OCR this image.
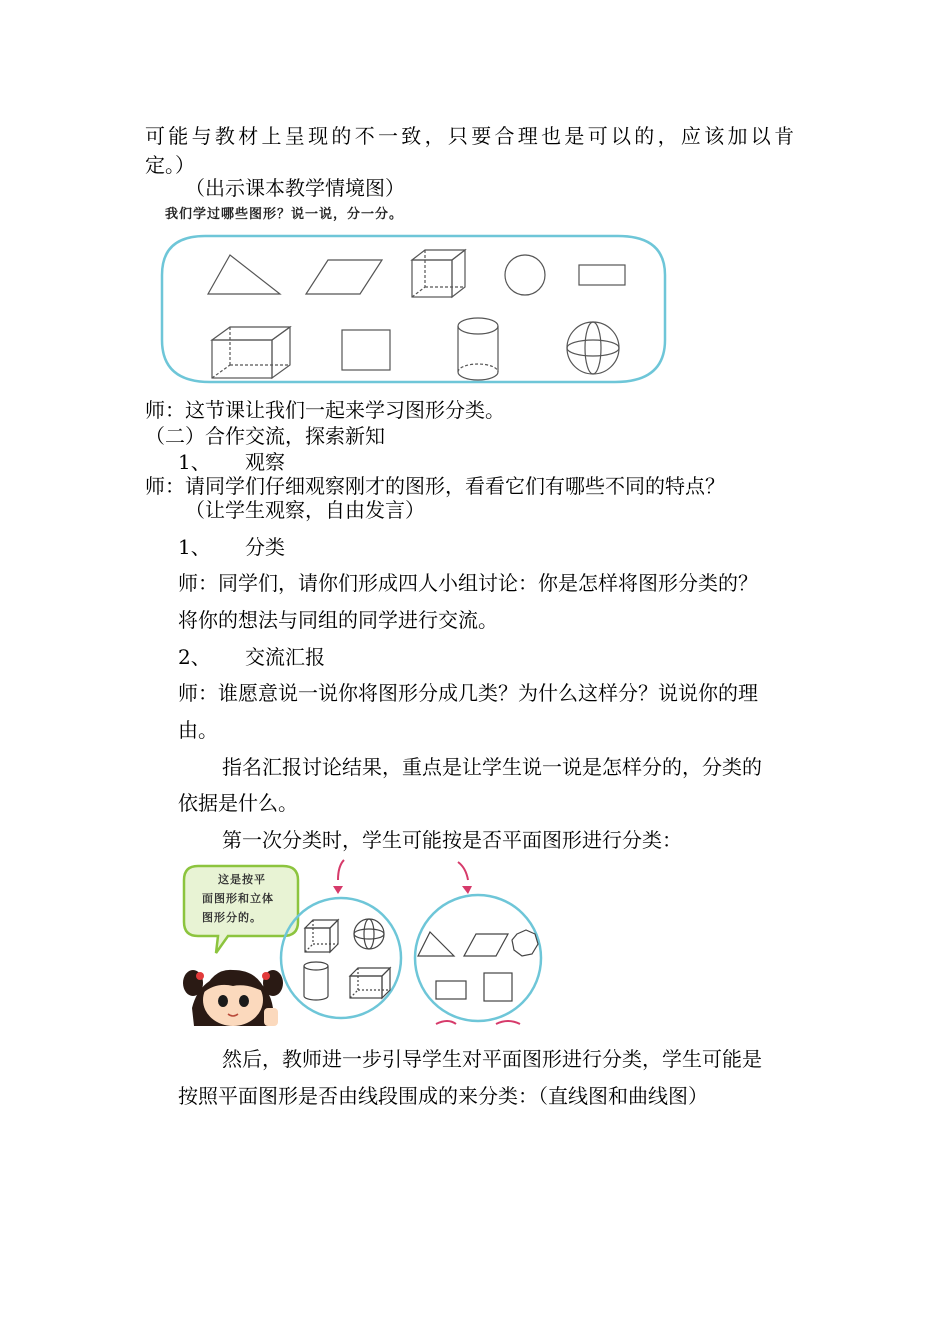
可能与教材上呈现的不一致，只要合理也是可以的，应该加以肯
定。）
（出示课本教学情境图）
我们学过哪些图形？说一说，分一分。
师：这节课让我们一起来学习图形分类。
（二）合作交流，探索新知
1、 观察
师：请同学们仔细观察刚才的图形，看看它们有哪些不同的特点？
（让学生观察，自由发言）
1、 分类
师：同学们，请你们形成四人小组讨论：你是怎样将图形分类的？
将你的想法与同组的同学进行交流。
2、 交流汇报
师：谁愿意说一说你将图形分成几类？为什么这样分？说说你的理
由。
指名汇报讨论结果，重点是让学生说一说是怎样分的，分类的
依据是什么。
第一次分类时，学生可能按是否平面图形进行分类：
这是按平
面图形和立体
图形分的。
然后，教师进一步引导学生对平面图形进行分类，学生可能是
按照平面图形是否由线段围成的来分类：（直线图和曲线图）
